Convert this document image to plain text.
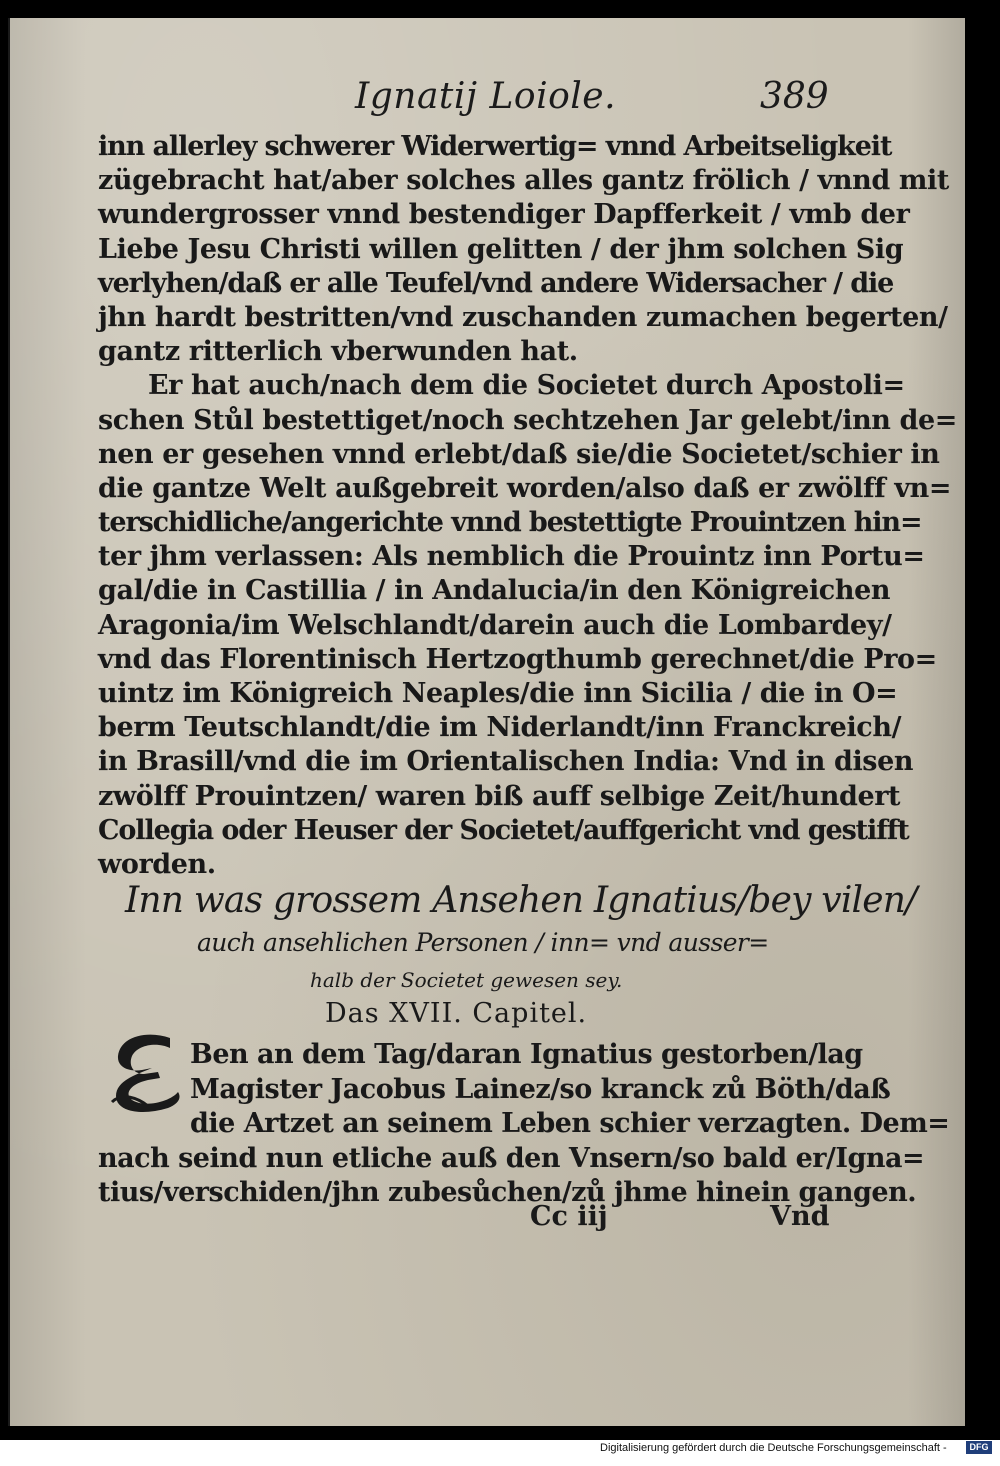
Ignatij Loiole.	389
inn allerley schwerer Widerwertig= vnnd Arbeitseligkeit
zügebracht hat/aber solches alles gantz frölich / vnnd mit
wundergrosser vnnd bestendiger Dapfferkeit / vmb der
Liebe Jesu Christi willen gelitten / der jhm solchen Sig
verlyhen/daß er alle Teufel/vnd andere Widersacher / die
jhn hardt bestritten/vnd zuschanden zumachen begerten/
gantz ritterlich vberwunden hat.
Er hat auch/nach dem die Societet durch Apostoli=
schen Stůl bestettiget/noch sechtzehen Jar gelebt/inn de=
nen er gesehen vnnd erlebt/daß sie/die Societet/schier in
die gantze Welt außgebreit worden/also daß er zwölff vn=
terschidliche/angerichte vnnd bestettigte Prouintzen hin=
ter jhm verlassen: Als nemblich die Prouintz inn Portu=
gal/die in Castillia / in Andalucia/in den Königreichen
Aragonia/im Welschlandt/darein auch die Lombardey/
vnd das Florentinisch Hertzogthumb gerechnet/die Pro=
uintz im Königreich Neaples/die inn Sicilia / die in O=
berm Teutschlandt/die im Niderlandt/inn Franckreich/
in Brasill/vnd die im Orientalischen India: Vnd in disen
zwölff Prouintzen/ waren biß auff selbige Zeit/hundert
Collegia oder Heuser der Societet/auffgericht vnd gestifft
worden.
Inn was grossem Ansehen Ignatius/bey vilen/
auch ansehlichen Personen / inn= vnd ausser=
halb der Societet gewesen sey.
Das XVII. Capitel.
Ben an dem Tag/daran Ignatius gestorben/lag
Magister Jacobus Lainez/so kranck zů Böth/daß
die Artzet an seinem Leben schier verzagten. Dem=
nach seind nun etliche auß den Vnsern/so bald er/Igna=
tius/verschiden/jhn zubesůchen/zů jhme hinein gangen.
Cc iij	Vnd
Digitalisierung gefördert durch die Deutsche Forschungsgemeinschaft -	DFG
